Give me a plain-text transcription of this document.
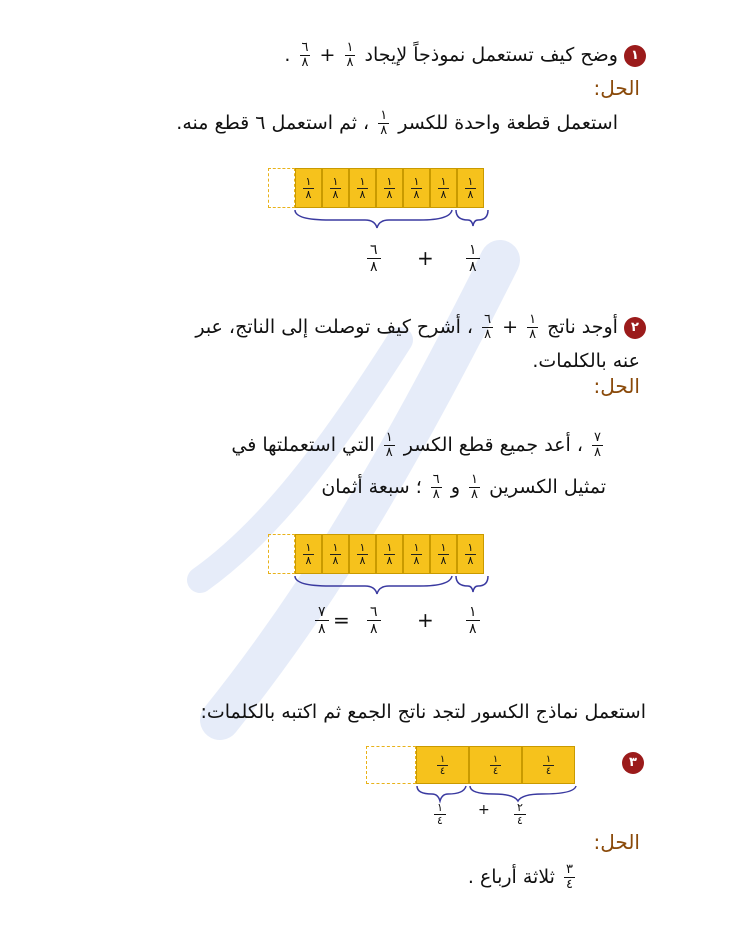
١ وضح كيف تستعمل نموذجاً لإيجاد
$\frac{١}{٨}$
+
$\frac{٦}{٨}$
.
الحل:
استعمل قطعة واحدة للكسر
$\frac{١}{٨}$
، ثم استعمل ٦ قطع منه.
١
٨
١
٨
١
٨
١
٨
١
٨
١
٨
١
٨
٦
٨ +	١
٨
٢ أوجد ناتج
$\frac{١}{٨}$
+
$\frac{٦}{٨}$
، أشرح كيف توصلت إلى الناتج، عبر
عنه بالكلمات.
الحل:
$\frac{٧}{٨}$
، أعد جميع قطع الكسر
$\frac{١}{٨}$
التي استعملتها في
تمثيل الكسرين
$\frac{١}{٨}$
و
$\frac{٦}{٨}$
؛ سبعة أثمان
١
٨
١
٨
١
٨
١
٨
١
٨
١
٨
١
٨
٧
٨ = ٦
٨ +	١
٨
استعمل نماذج الكسور لتجد ناتج الجمع ثم اكتبه بالكلمات:
٣
١
٤
١
٤
١
٤
١
٤
+ ٢
٤
الحل:
$\frac{٣}{٤}$
ثلاثة أرباع .
